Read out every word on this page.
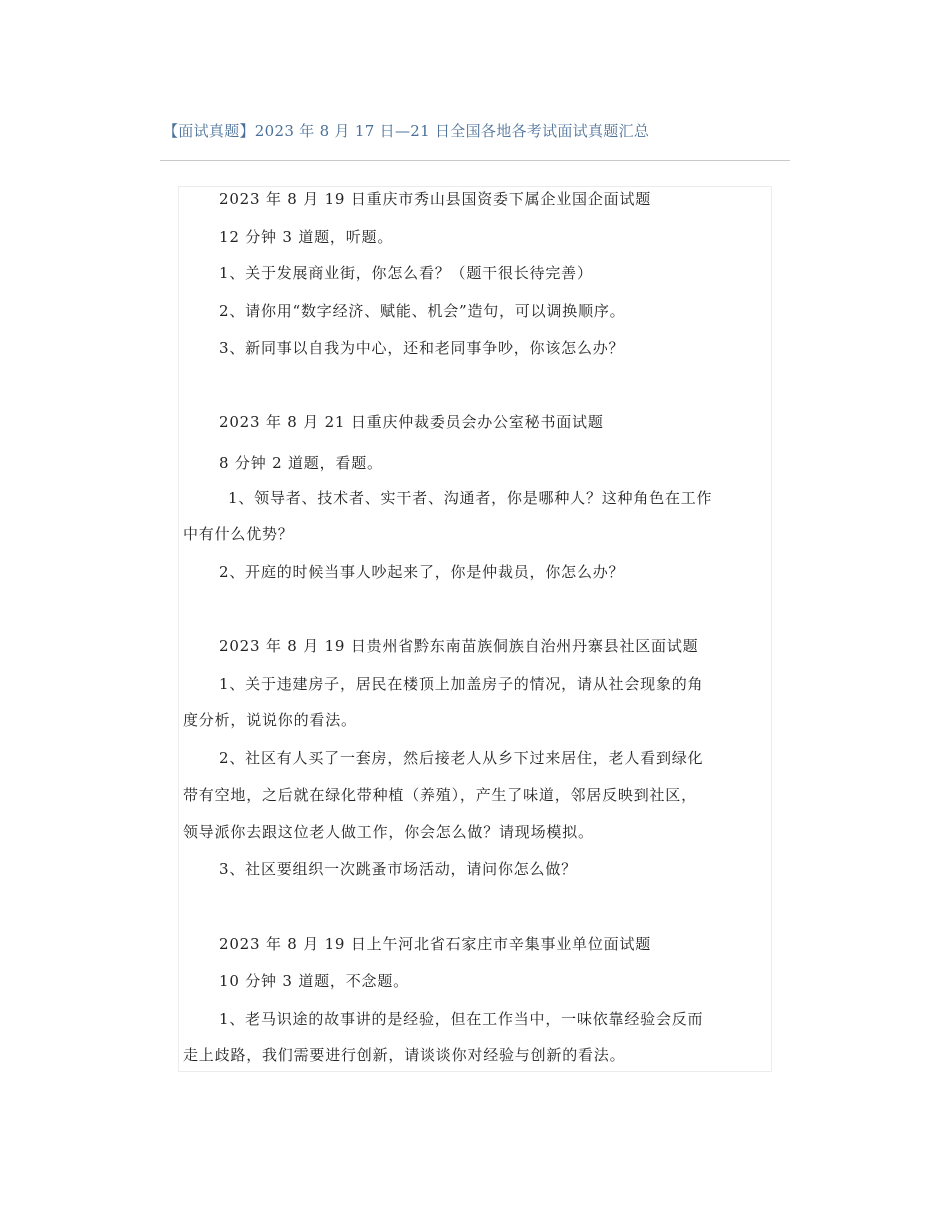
【面试真题】2023 年 8 月 17 日—21 日全国各地各考试面试真题汇总
2023 年 8 月 19 日重庆市秀山县国资委下属企业国企面试题
12 分钟 3 道题，听题。
1、关于发展商业街，你怎么看？（题干很长待完善）
2、请你用“数字经济、赋能、机会”造句，可以调换顺序。
3、新同事以自我为中心，还和老同事争吵，你该怎么办？
2023 年 8 月 21 日重庆仲裁委员会办公室秘书面试题
8 分钟 2 道题，看题。
1、领导者、技术者、实干者、沟通者，你是哪种人？这种角色在工作
中有什么优势？
2、开庭的时候当事人吵起来了，你是仲裁员，你怎么办？
2023 年 8 月 19 日贵州省黔东南苗族侗族自治州丹寨县社区面试题
1、关于违建房子，居民在楼顶上加盖房子的情况，请从社会现象的角
度分析，说说你的看法。
2、社区有人买了一套房，然后接老人从乡下过来居住，老人看到绿化
带有空地，之后就在绿化带种植（养殖），产生了味道，邻居反映到社区，
领导派你去跟这位老人做工作，你会怎么做？请现场模拟。
3、社区要组织一次跳蚤市场活动，请问你怎么做？
2023 年 8 月 19 日上午河北省石家庄市辛集事业单位面试题
10 分钟 3 道题，不念题。
1、老马识途的故事讲的是经验，但在工作当中，一味依靠经验会反而
走上歧路，我们需要进行创新，请谈谈你对经验与创新的看法。
